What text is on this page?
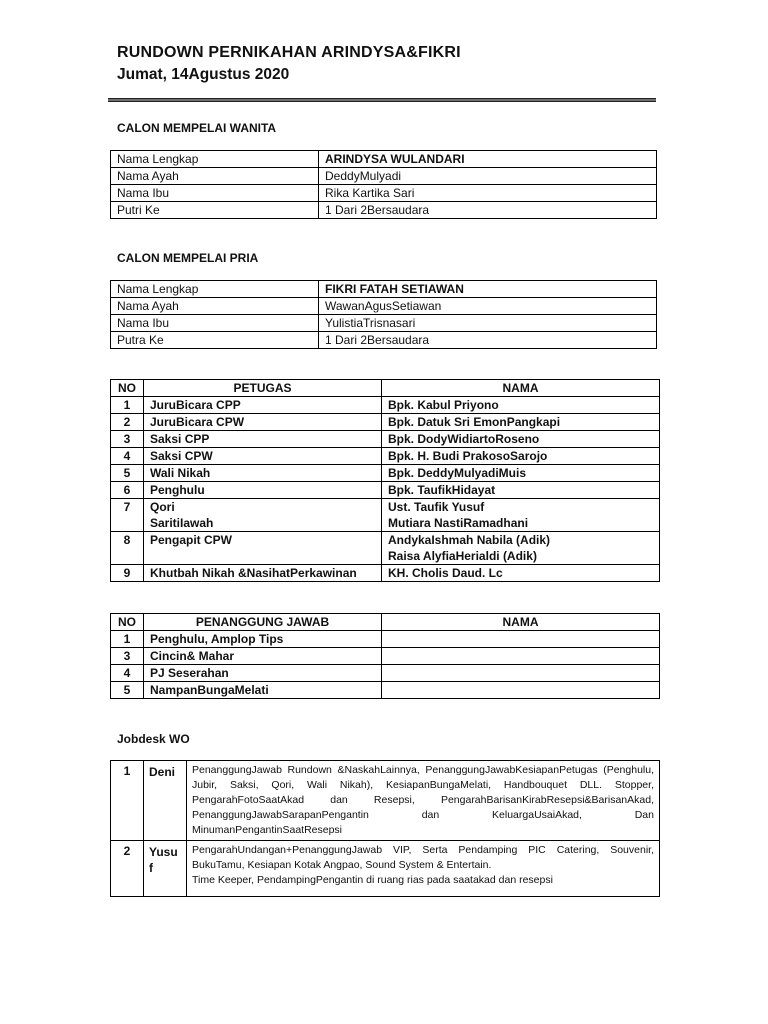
RUNDOWN PERNIKAHAN ARINDYSA&FIKRI
Jumat, 14Agustus 2020
CALON MEMPELAI WANITA
Nama Lengkap	ARINDYSA WULANDARI
Nama Ayah	DeddyMulyadi
Nama Ibu	Rika Kartika Sari
Putri Ke	1 Dari 2Bersaudara
CALON MEMPELAI PRIA
Nama Lengkap	FIKRI FATAH SETIAWAN
Nama Ayah	WawanAgusSetiawan
Nama Ibu	YulistiaTrisnasari
Putra Ke	1 Dari 2Bersaudara
NO	PETUGAS	NAMA
1	JuruBicara CPP	Bpk. Kabul Priyono
2	JuruBicara CPW	Bpk. Datuk Sri EmonPangkapi
3	Saksi CPP	Bpk. DodyWidiartoRoseno
4	Saksi CPW	Bpk. H. Budi PrakosoSarojo
5	Wali Nikah	Bpk. DeddyMulyadiMuis
6	Penghulu	Bpk. TaufikHidayat
7	Qori	Ust. Taufik Yusuf
	SaritiIawah	Mutiara NastiRamadhani
8	Pengapit CPW	AndykaIshmah Nabila (Adik)
Raisa AlyfiaHerialdi (Adik)

9	Khutbah Nikah &NasihatPerkawinan	KH. Cholis Daud. Lc
NO	PENANGGUNG JAWAB	NAMA
1	Penghulu, Amplop Tips	
3	Cincin& Mahar	
4	PJ Seserahan	
5	NampanBungaMelati	
Jobdesk WO
1	Deni	PenanggungJawab Rundown &NaskahLainnya, PenanggungJawabKesiapanPetugas (Penghulu, Jubir, Saksi, Qori, Wali Nikah), KesiapanBungaMelati, Handbouquet DLL. Stopper, PengarahFotoSaatAkad dan Resepsi, PengarahBarisanKirabResepsi&BarisanAkad, PenanggungJawabSarapanPengantin dan KeluargaUsaiAkad, Dan MinumanPengantinSaatResepsi
2	Yusu f	PengarahUndangan+PenanggungJawab VIP, Serta Pendamping PIC Catering, Souvenir, BukuTamu, Kesiapan Kotak Angpao, Sound System & Entertain.
Time Keeper, PendampingPengantin di ruang rias pada saatakad dan resepsi
